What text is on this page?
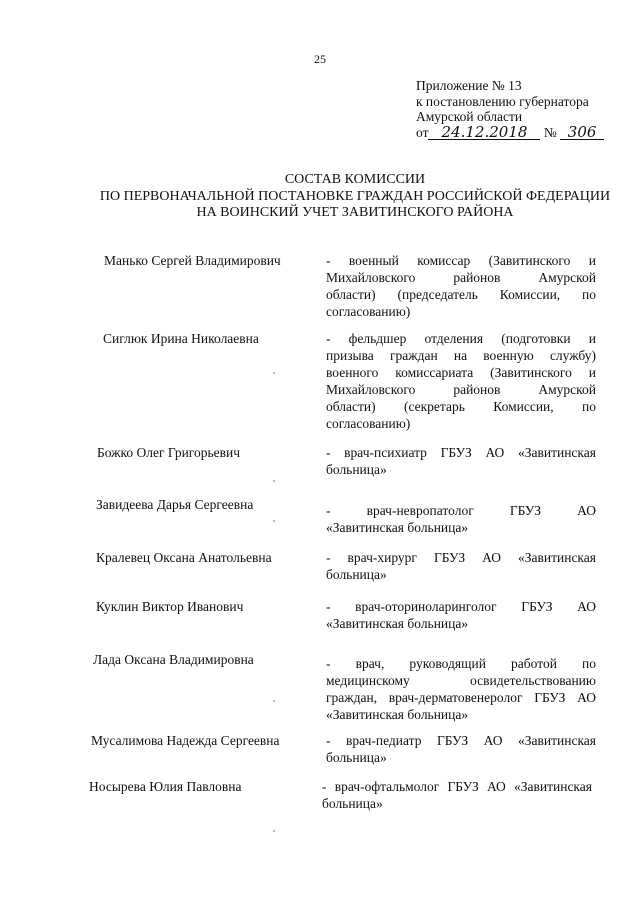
25
Приложение № 13
к постановлению губернатора
Амурской области
от 24.12.2018 № 306
СОСТАВ КОМИССИИ
ПО ПЕРВОНАЧАЛЬНОЙ ПОСТАНОВКЕ ГРАЖДАН РОССИЙСКОЙ ФЕДЕРАЦИИ
НА ВОИНСКИЙ УЧЕТ ЗАВИТИНСКОГО РАЙОНА
Манько Сергей Владимирович	- военный комиссар (Завитинского и
Михайловского районов Амурской
области) (председатель Комиссии, по
согласованию)
Сиглюк Ирина Николаевна	- фельдшер отделения (подготовки и
призыва граждан на военную службу)
военного комиссариата (Завитинского и
Михайловского районов Амурской
области) (секретарь Комиссии, по
согласованию)
Божко Олег Григорьевич	- врач-психиатр ГБУЗ АО «Завитинская
больница»
Завидеева Дарья Сергеевна	- врач-невропатолог ГБУЗ АО
«Завитинская больница»
Кралевец Оксана Анатольевна	- врач-хирург ГБУЗ АО «Завитинская
больница»
Куклин Виктор Иванович	- врач-оториноларинголог ГБУЗ АО
«Завитинская больница»
Лада Оксана Владимировна	- врач, руководящий работой по
медицинскому освидетельствованию
граждан, врач-дерматовенеролог ГБУЗ АО
«Завитинская больница»
Мусалимова Надежда Сергеевна	- врач-педиатр ГБУЗ АО «Завитинская
больница»
Носырева Юлия Павловна	- врач-офтальмолог ГБУЗ АО «Завитинская
больница»
